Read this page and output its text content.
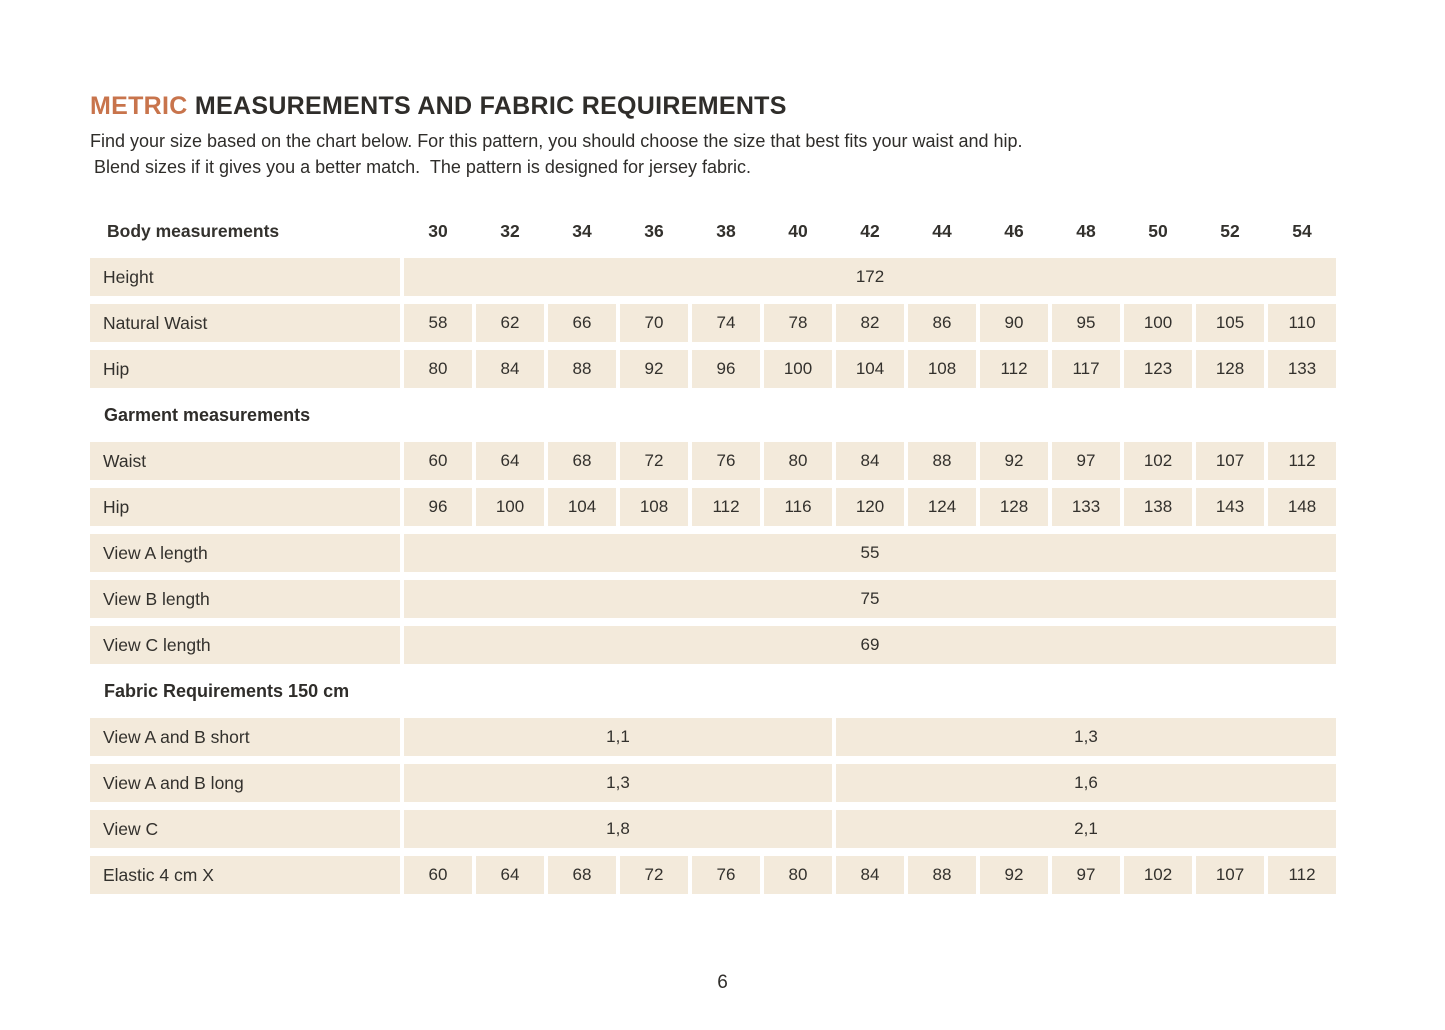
METRIC MEASUREMENTS AND FABRIC REQUIREMENTS

Find your size based on the chart below. For this pattern, you should choose the size that best fits your waist and hip.

Blend sizes if it gives you a better match.  The pattern is designed for jersey fabric.

Body measurements	30	32	34	36	38	40	42	44	46	48	50	52	54
Height	172
Natural Waist	58	62	66	70	74	78	82	86	90	95	100	105	110
Hip	80	84	88	92	96	100	104	108	112	117	123	128	133
Garment measurements
Waist	60	64	68	72	76	80	84	88	92	97	102	107	112
Hip	96	100	104	108	112	116	120	124	128	133	138	143	148
View A length	55
View B length	75
View C length	69
Fabric Requirements 150 cm
View A and B short	1,1	1,3
View A and B long	1,3	1,6
View C	1,8	2,1
Elastic 4 cm X	60	64	68	72	76	80	84	88	92	97	102	107	112
6
